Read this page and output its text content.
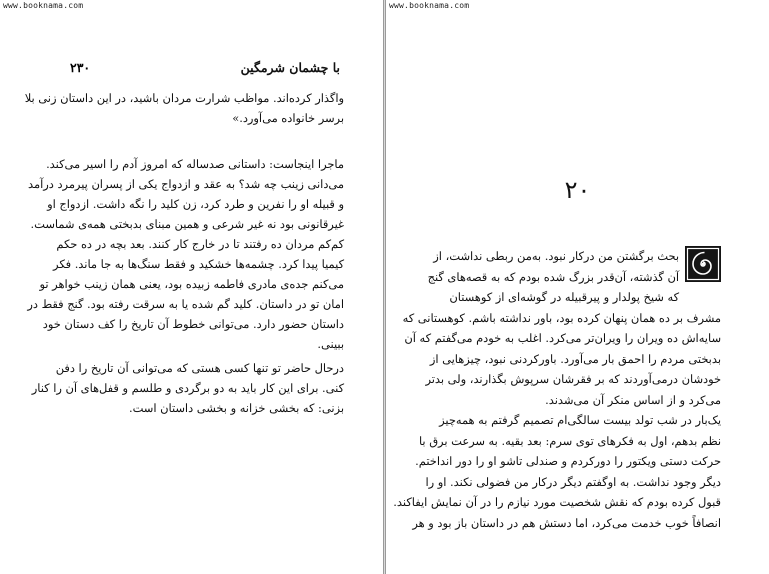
www.booknama.com
۲۳۰	با چشمان شرمگین
واگذار کرده‌اند. مواظب شرارت مردان باشید، در این داستان زنی بلا
برسر خانواده می‌آورد.»
ماجرا اینجاست: داستانی صدساله که امروز آدم را اسیر می‌کند.
می‌دانی زینب چه شد؟ به عقد و ازدواج یکی از پسران پیرمرد درآمد
و قبیله او را نفرین و طرد کرد، زن کلید را نگه داشت. ازدواج او
غیرقانونی بود نه غیر شرعی و همین مبنای بدبختی همه‌ی شماست.
کم‌کم مردان ده رفتند تا در خارج کار کنند. بعد بچه در ده حکم
کیمیا پیدا کرد. چشمه‌ها خشکید و فقط سنگ‌ها به جا ماند. فکر
می‌کنم جده‌ی مادری فاطمه زبیده بود، یعنی همان زینب خواهر تو
امان تو در داستان. کلید گم شده یا به سرقت رفته بود. گنج فقط در
داستان حضور دارد. می‌توانی خطوط آن تاریخ را کف دستان خود
ببینی.
درحال حاضر تو تنها کسی هستی که می‌توانی آن تاریخ را دفن
کنی. برای این کار باید به دو برگردی و طلسم و قفل‌های آن را کنار
بزنی: که بخشی خزانه و بخشی داستان است.
www.booknama.com
۲۰
بحث برگشتن من درکار نبود. به‌من ربطی نداشت، از
آن گذشته، آن‌قدر بزرگ شده بودم که به قصه‌های گنج
که شیخ پولدار و پیرقبیله در گوشه‌ای از کوهستان
مشرف بر ده همان پنهان کرده بود، باور نداشته باشم. کوهستانی که
سایه‌اش ده ویران را ویران‌تر می‌کرد. اغلب به خودم می‌گفتم که آن
بدبختی مردم را احمق بار می‌آورد. باورکردنی نبود، چیزهایی از
خودشان درمی‌آوردند که بر فقرشان سرپوش بگذارند، ولی بدتر
می‌کرد و از اساس منکر آن می‌شدند.
یک‌بار در شب تولد بیست سالگی‌ام تصمیم گرفتم به همه‌چیز
نظم بدهم، اول به فکرهای توی سرم: بعد بقیه. به سرعت برق با
حرکت دستی ویکتور را دورکردم و صندلی تاشو او را دور انداختم.
دیگر وجود نداشت. به اوگفتم دیگر درکار من فضولی نکند. او را
قبول کرده بودم که نقش شخصیت مورد نیازم را در آن نمایش ایفاکند.
انصافاً خوب خدمت می‌کرد، اما دستش هم در داستان باز بود و هر
